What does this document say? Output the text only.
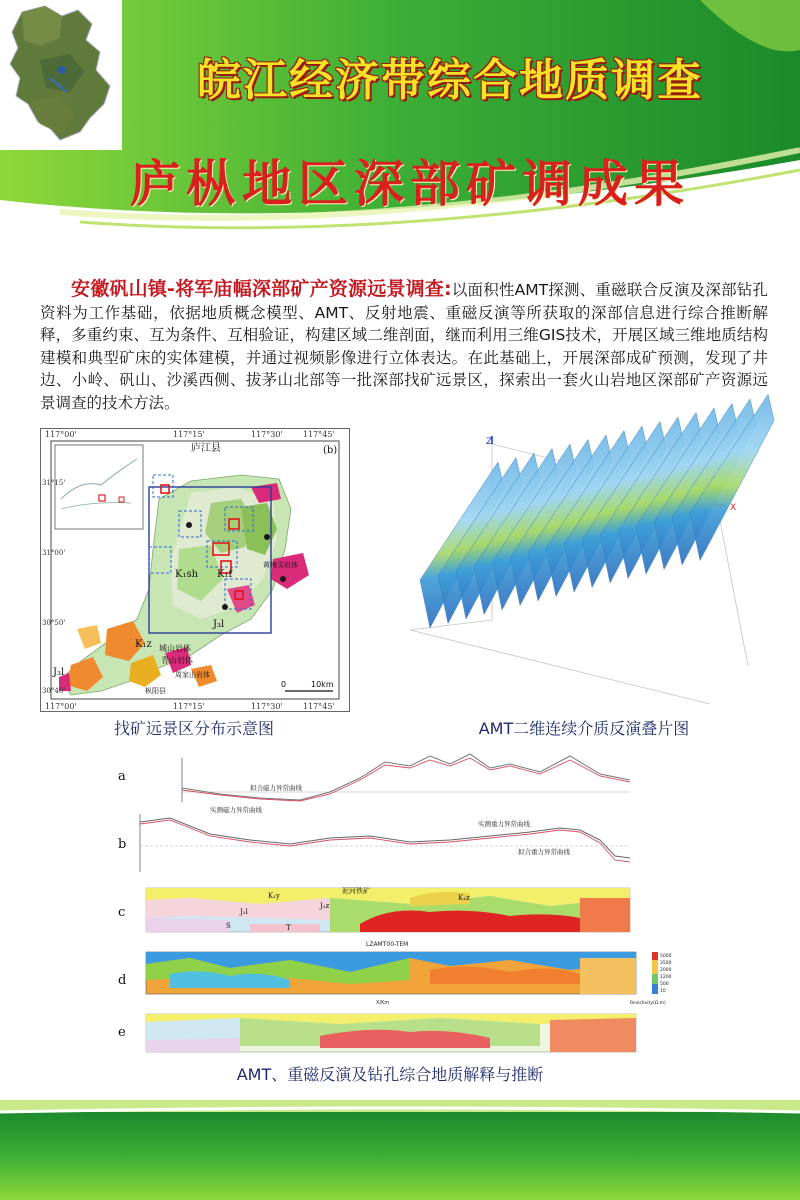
皖江经济带综合地质调查
庐枞地区深部矿调成果
安徽矾山镇-将军庙幅深部矿产资源远景调查:以面积性AMT探测、重磁联合反演及深部钻孔资料为工作基础，依据地质概念模型、AMT、反射地震、重磁反演等所获取的深部信息进行综合推断解释，多重约束、互为条件、互相验证，构建区域二维剖面，继而利用三维GIS技术，开展区域三维地质结构建模和典型矿床的实体建模，并通过视频影像进行立体表达。在此基础上，开展深部成矿预测，发现了井边、小岭、矾山、沙溪西侧、拔茅山北部等一批深部找矿远景区，探索出一套火山岩地区深部矿产资源远景调查的技术方法。
117°15'	117°30'	117°45'
117°00'
117°00'	117°15'	117°30'	117°45'
31°15'
31°00'
30°50'
30°40'
(b)
庐江县
K₁z
J₃l
K₁f
K₁sh
J₃l
城山岩体
青山岩体
周家山岩体
枞阳县
黄梅尖岩体
0	10km
找矿远景区分布示意图
Z
X
AMT二维连续介质反演叠片图
a
拟合磁力异常曲线
实测磁力异常曲线
b
实测重力异常曲线
拟合重力异常曲线
c
泥河铁矿
K₁y	K₁z
J₃l
J₃z
S	T
d
LZAMT00-TEM
5000
3500
2000
1200
500
10
Resistivity(Ω.m)
X/Km
e
AMT、重磁反演及钻孔综合地质解释与推断
